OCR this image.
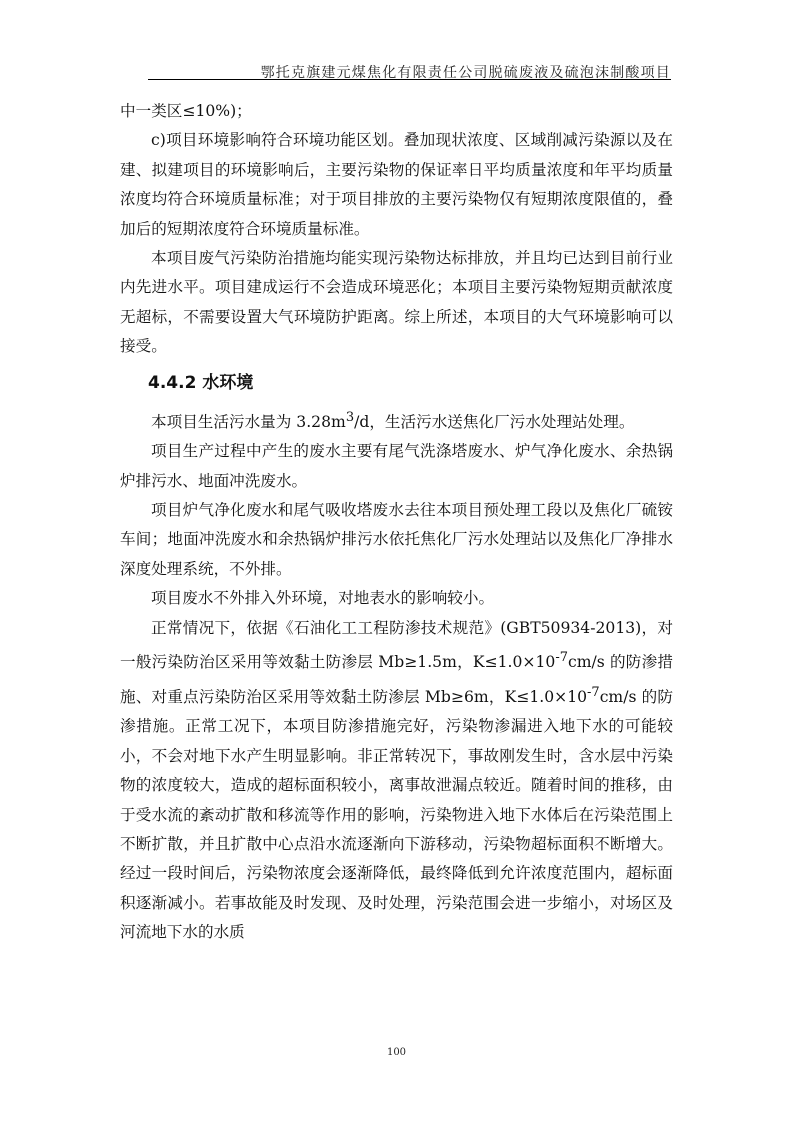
鄂托克旗建元煤焦化有限责任公司脱硫废液及硫泡沫制酸项目

中一类区≤10%)；

c)项目环境影响符合环境功能区划。叠加现状浓度、区域削减污染源以及在建、拟建项目的环境影响后，主要污染物的保证率日平均质量浓度和年平均质量浓度均符合环境质量标准；对于项目排放的主要污染物仅有短期浓度限值的，叠加后的短期浓度符合环境质量标准。

本项目废气污染防治措施均能实现污染物达标排放，并且均已达到目前行业内先进水平。项目建成运行不会造成环境恶化；本项目主要污染物短期贡献浓度无超标，不需要设置大气环境防护距离。综上所述，本项目的大气环境影响可以接受。

4.4.2 水环境

本项目生活污水量为 $3.28m^3/d$，生活污水送焦化厂污水处理站处理。

项目生产过程中产生的废水主要有尾气洗涤塔废水、炉气净化废水、余热锅炉排污水、地面冲洗废水。

项目炉气净化废水和尾气吸收塔废水去往本项目预处理工段以及焦化厂硫铵车间；地面冲洗废水和余热锅炉排污水依托焦化厂污水处理站以及焦化厂净排水深度处理系统，不外排。

项目废水不外排入外环境，对地表水的影响较小。

正常情况下，依据《石油化工工程防渗技术规范》(GBT50934-2013)，对一般污染防治区采用等效黏土防渗层 Mb≥1.5m，$K\le 1.0\times 10^{-7}cm/s$ 的防渗措施、对重点污染防治区采用等效黏土防渗层 Mb≥6m，$K\le 1.0\times 10^{-7}cm/s$ 的防渗措施。正常工况下，本项目防渗措施完好，污染物渗漏进入地下水的可能较小，不会对地下水产生明显影响。非正常转况下，事故刚发生时，含水层中污染物的浓度较大，造成的超标面积较小，离事故泄漏点较近。随着时间的推移，由于受水流的紊动扩散和移流等作用的影响，污染物进入地下水体后在污染范围上不断扩散，并且扩散中心点沿水流逐渐向下游移动，污染物超标面积不断增大。经过一段时间后，污染物浓度会逐渐降低，最终降低到允许浓度范围内，超标面积逐渐减小。若事故能及时发现、及时处理，污染范围会进一步缩小，对场区及河流地下水的水质

100
